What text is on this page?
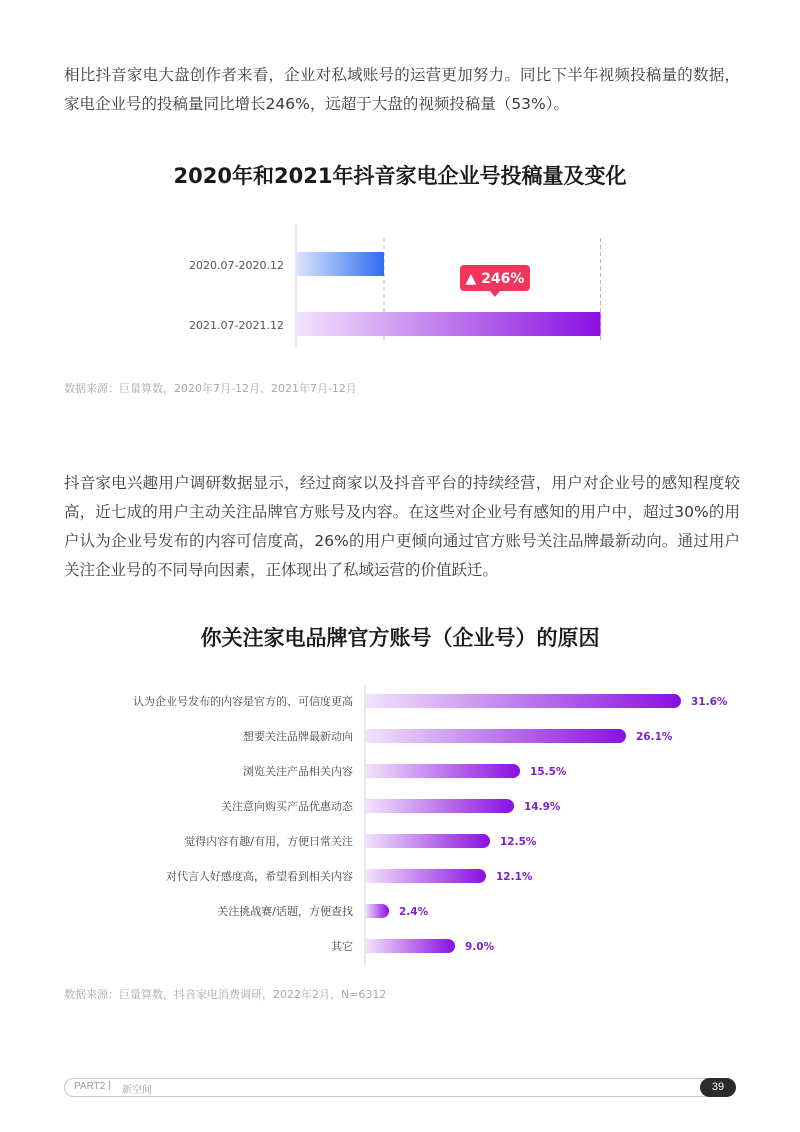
相比抖音家电大盘创作者来看，企业对私域账号的运营更加努力。同比下半年视频投稿量的数据，家电企业号的投稿量同比增长246%，远超于大盘的视频投稿量（53%）。

2020年和2021年抖音家电企业号投稿量及变化
2020.07-2020.12
2021.07-2021.12
▲ 246%
数据来源：巨量算数，2020年7月-12月、2021年7月-12月

抖音家电兴趣用户调研数据显示，经过商家以及抖音平台的持续经营，用户对企业号的感知程度较高，近七成的用户主动关注品牌官方账号及内容。在这些对企业号有感知的用户中，超过30%的用户认为企业号发布的内容可信度高，26%的用户更倾向通过官方账号关注品牌最新动向。通过用户关注企业号的不同导向因素，正体现出了私域运营的价值跃迁。

你关注家电品牌官方账号（企业号）的原因
认为企业号发布的内容是官方的、可信度更高	31.6%
想要关注品牌最新动向	26.1%
浏览关注产品相关内容	15.5%
关注意向购买产品优惠动态	14.9%
觉得内容有趣/有用，方便日常关注	12.5%
对代言人好感度高，希望看到相关内容	12.1%
关注挑战赛/话题，方便查找	2.4%
其它	9.0%
数据来源：巨量算数，抖音家电消费调研，2022年2月，N=6312
PART2 | 新空间	39
